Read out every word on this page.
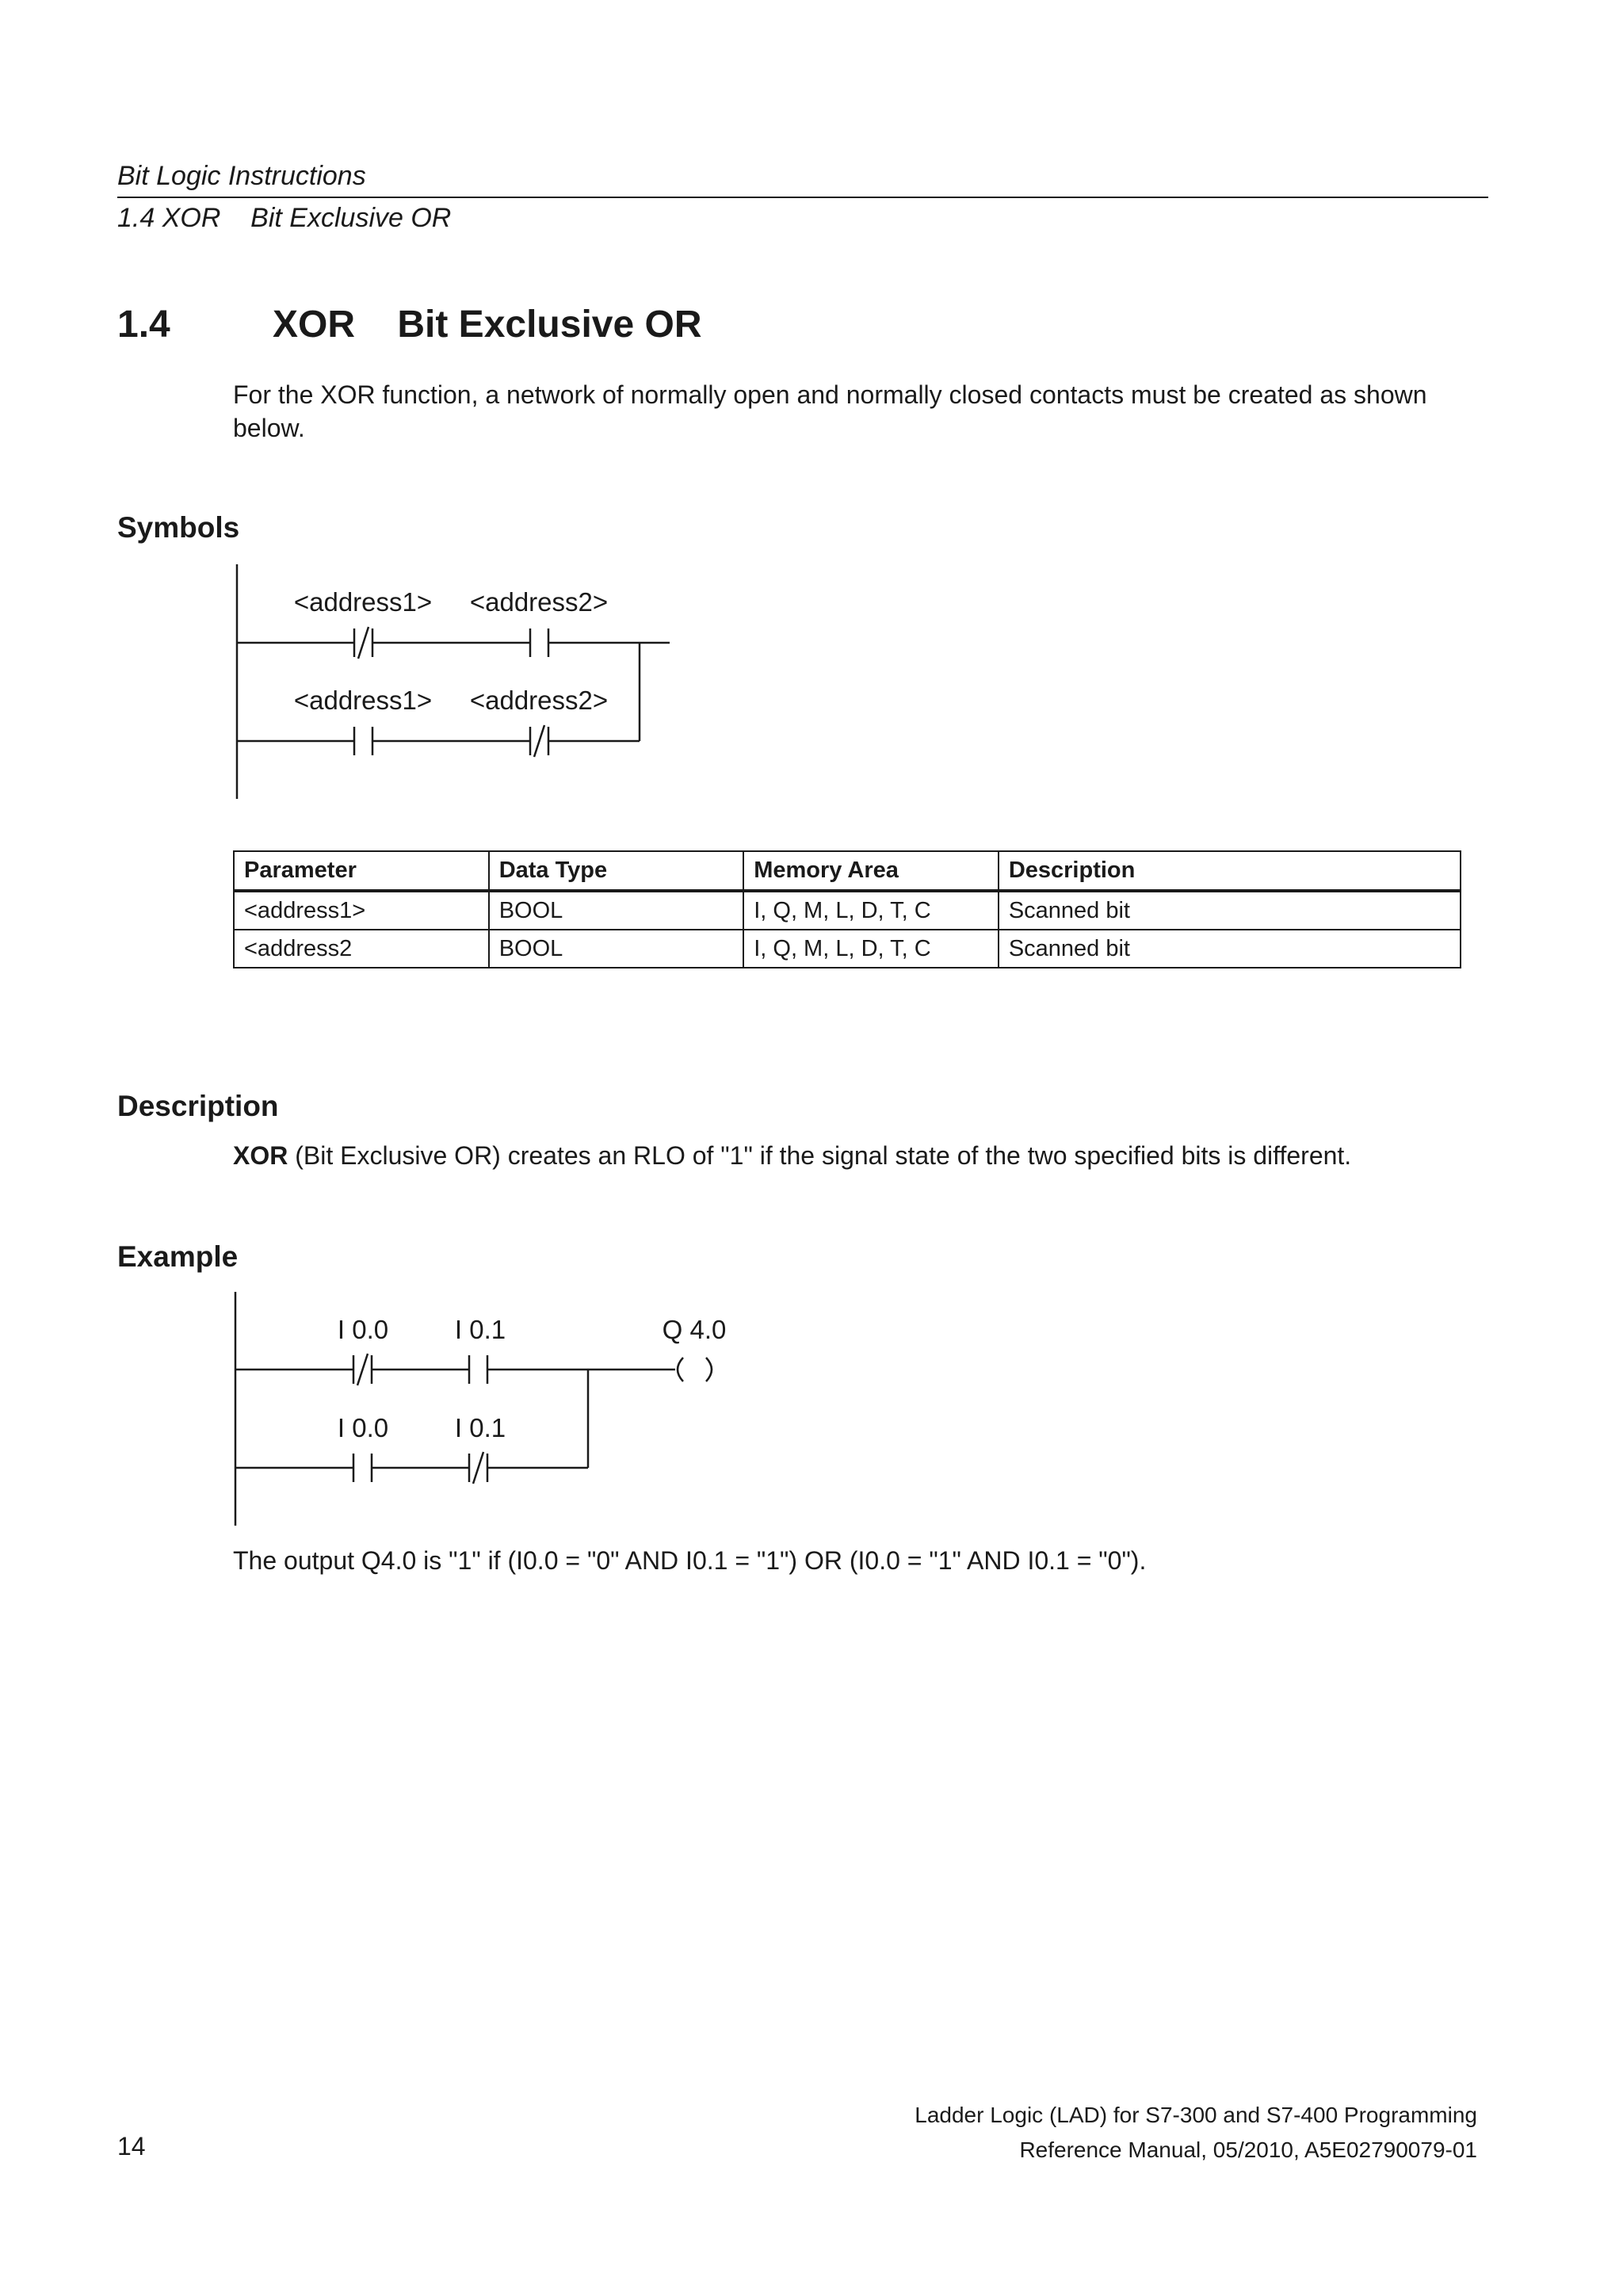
Bit Logic Instructions
1.4 XOR    Bit Exclusive OR
1.4	XOR    Bit Exclusive OR
For the XOR function, a network of normally open and normally closed contacts must be created as shown below.
Symbols
<address1>	<address2>
<address1>	<address2>
Parameter	Data Type	Memory Area	Description
<address1>	BOOL	I, Q, M, L, D, T, C	Scanned bit
<address2	BOOL	I, Q, M, L, D, T, C	Scanned bit
Description
XOR (Bit Exclusive OR) creates an RLO of "1" if the signal state of the two specified bits is different.
Example
I 0.0	I 0.1	Q 4.0
I 0.0	I 0.1
The output Q4.0 is "1" if (I0.0 = "0" AND I0.1 = "1") OR (I0.0 = "1" AND I0.1 = "0").
Ladder Logic (LAD) for S7-300 and S7-400 Programming
Reference Manual, 05/2010, A5E02790079-01
14
